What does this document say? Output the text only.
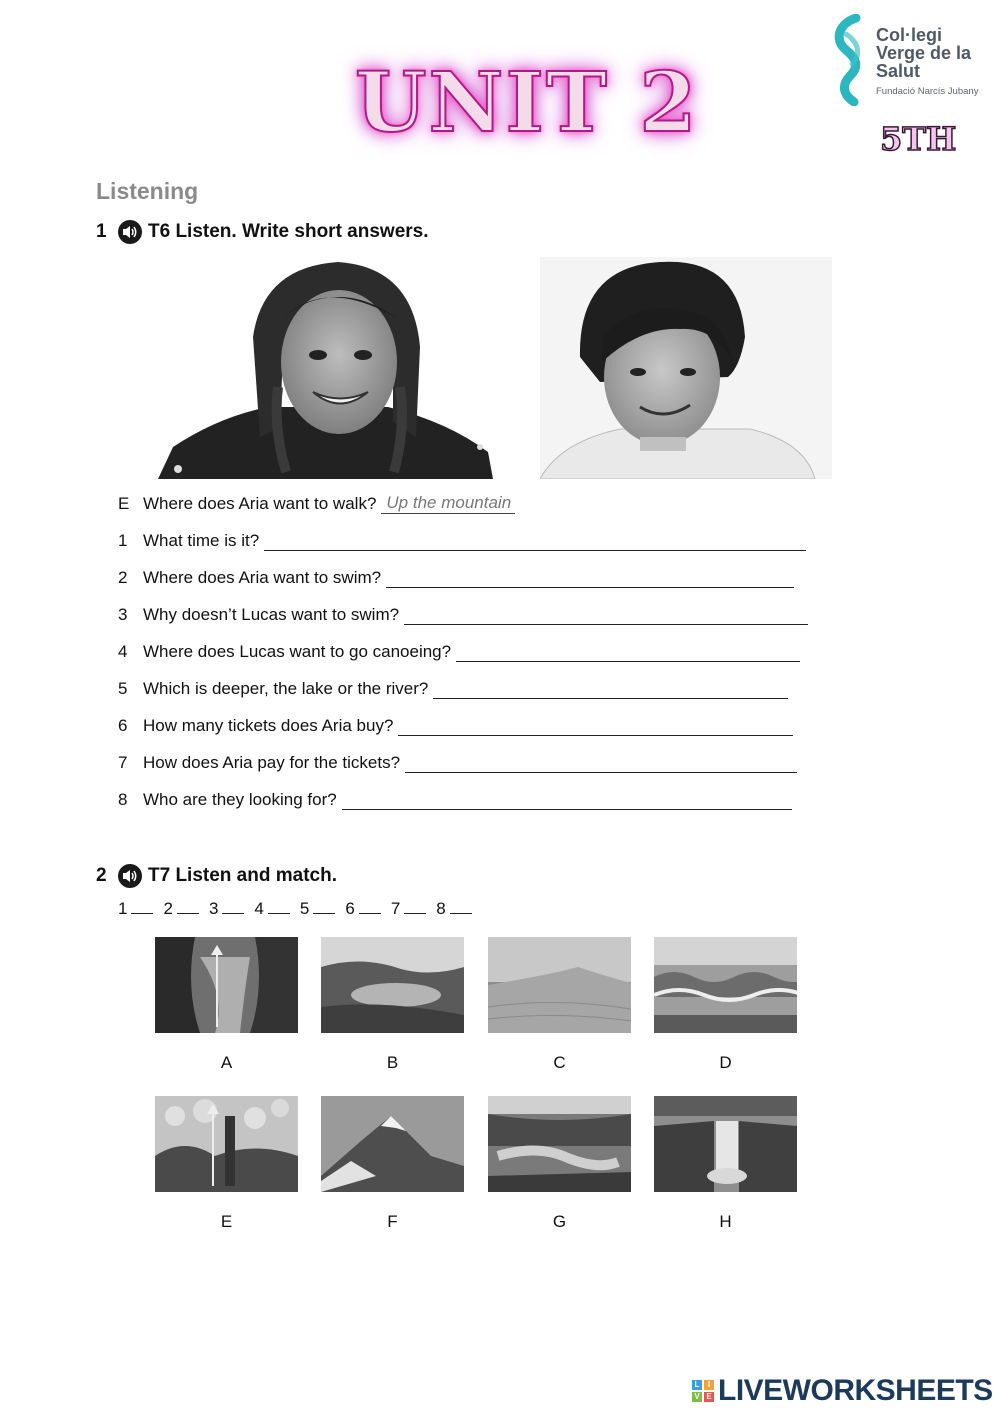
UNIT 2
Col·legi
Verge de la
Salut
Fundació Narcís Jubany
5TH
Listening
1	T6 Listen. Write short answers.
E Where does Aria want to walk? Up the mountain
1 What time is it?
2 Where does Aria want to swim?
3 Why doesn’t Lucas want to swim?
4 Where does Lucas want to go canoeing?
5 Which is deeper, the lake or the river?
6 How many tickets does Aria buy?
7 How does Aria pay for the tickets?
8 Who are they looking for?
2	T7 Listen and match.
1	2	3	4	5	6	7	8
A	B	C	D
E	F	G	H
L	I
V E LIVEWORKSHEETS
